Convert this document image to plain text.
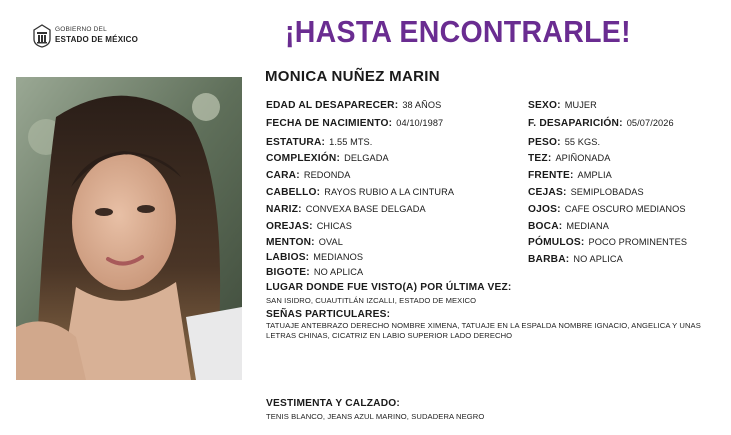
GOBIERNO DEL
ESTADO DE MÉXICO	¡HASTA ENCONTRARLE!
MONICA NUÑEZ MARIN
EDAD AL DESAPARECER: 38 AÑOS
FECHA DE NACIMIENTO: 04/10/1987
ESTATURA: 1.55 MTS.
COMPLEXIÓN: DELGADA
CARA: REDONDA
CABELLO: RAYOS RUBIO A LA CINTURA
NARIZ: CONVEXA BASE DELGADA
OREJAS: CHICAS
MENTON: OVAL
LABIOS: MEDIANOS
BIGOTE: NO APLICA
SEXO: MUJER
F. DESAPARICIÓN: 05/07/2026
PESO: 55 KGS.
TEZ: APIÑONADA
FRENTE: AMPLIA
CEJAS: SEMIPLOBADAS
OJOS: CAFE OSCURO MEDIANOS
BOCA: MEDIANA
PÓMULOS: POCO PROMINENTES
BARBA: NO APLICA
LUGAR DONDE FUE VISTO(A) POR ÚLTIMA VEZ:
SAN ISIDRO, CUAUTITLÁN IZCALLI, ESTADO DE MEXICO
SEÑAS PARTICULARES:
TATUAJE ANTEBRAZO DERECHO NOMBRE XIMENA, TATUAJE EN LA ESPALDA NOMBRE IGNACIO, ANGELICA Y UNAS LETRAS CHINAS, CICATRIZ EN LABIO SUPERIOR LADO DERECHO
VESTIMENTA Y CALZADO:
TENIS BLANCO, JEANS AZUL MARINO, SUDADERA NEGRO
